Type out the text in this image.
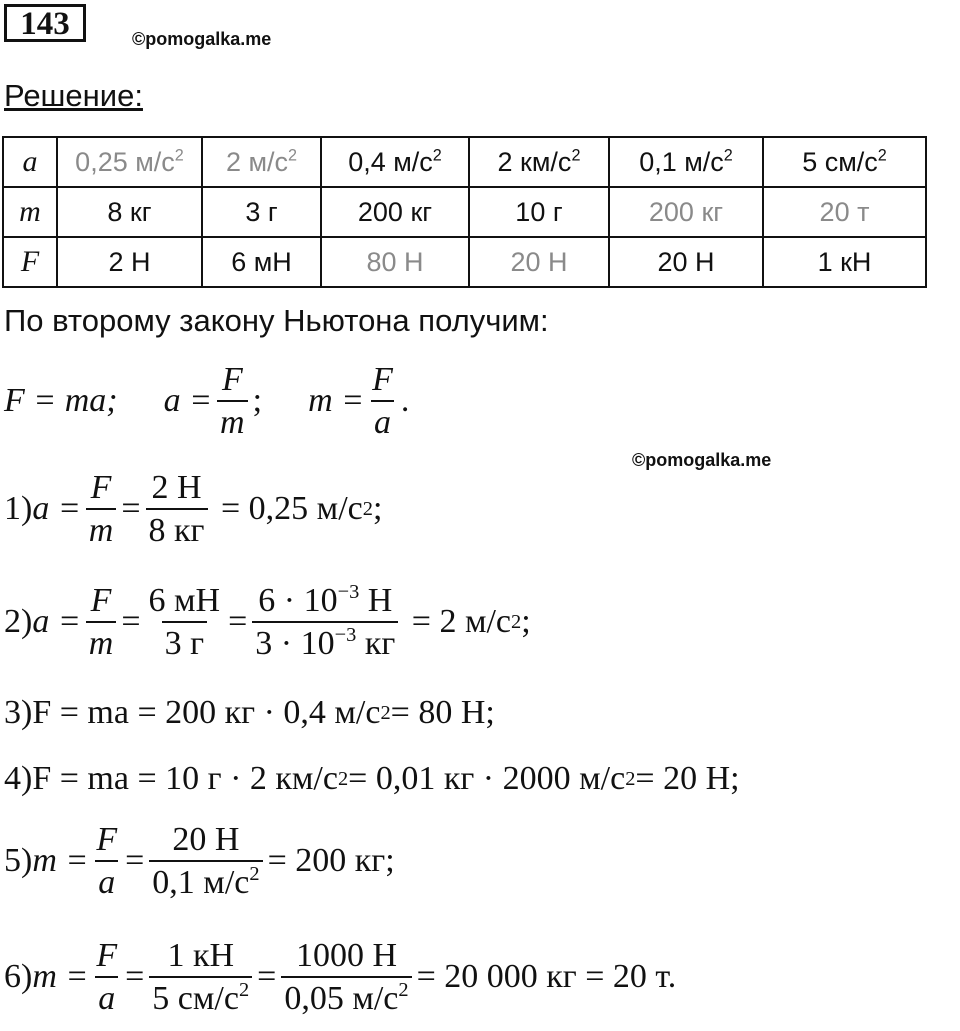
143	©pomogalka.me
Решение:
a	0,25 $м/с^2$	2 $м/с^2$	0,4 $м/с^2$	2 $км/с^2$	0,1 $м/с^2$	5 $см/с^2$
m	8 кг	3 г	200 кг	10 г	200 кг	20 т
F	2 Н	6 мН	80 Н	20 Н	20 Н	1 кН
По второму закону Ньютона получим:
F = ma; $a = \frac{F}{m}$ ; $m = \frac{F}{a}$ .
©pomogalka.me
1) $a = \frac{F}{m} = \frac{2 Н}{8 кг}$
= 0,25 м/с 2 ;
2) $a = \frac{F}{m} = \frac{6 мН}{3 г} = \frac{6 \cdot 10^{-3} Н}{3 \cdot 10^{-3} кг}$
= 2 м/с 2 ;
3) F = ma = 200 кг · 0,4 м/с 2 = 80 Н;
4) F = ma = 10 г · 2 км/с 2 = 0,01 кг · 2000 м/с 2 = 20 Н;
5) $m = \frac{F}{a} = \frac{20 Н}{0,1 м/с^2} = 200$ кг;
6) $m = \frac{F}{a} = \frac{1 кН}{5 см/с^2} = \frac{1000 Н}{0,05 м/с^2} = 20$ 000 кг = 20 т.
